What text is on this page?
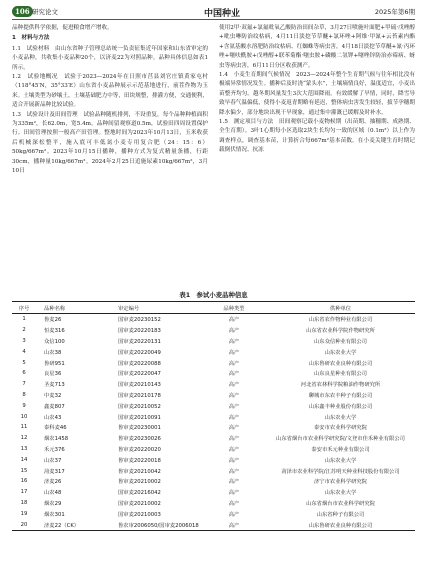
106 研究论文	中国种业	2025年第6期

品种提供科学依据，促进粮食增产增收。

1　材料与方法

1.1　试验材料　由山东省种子管理总站统一负责征集近年国家和山东省审定的小麦品种，共收集小麦品种20个，以济麦22为对照品种。品种具体信息如表1所示。

1.2　试验地概况　试验于2023—2024年在日照市莒县刘官庄镇黄家屯村（118°45′N，35°33′E）山东省小麦品种展示示范基地进行，前茬作物为玉米。土壤类型为砂壤土，土壤基础肥力中等，田块规整，排灌方便，交通便利，适合开展新品种比较试验。

1.3　试验设计及田间管理　试验品种随机排列，不设重复，每个品种种植面积为335m²，长62.0m，宽5.4m。品种间留观察道0.5m，试验田四周设置保护行。田间管理按照一般高产田管理。整地时间为2023年10月13日，玉米收获后机械深松整平，施入底可丰低氮小麦专用复合肥（24：15：6）50kg/667m²。2023年10月15日播种，播种方式为复式精量条播，行距30cm，播种量10kg/667m²。2024年2月25日追施尿素10kg/667m²，3月10日

使用2甲·双氟+氯氟吡氧乙酸防治田间杂草，3月27日喷施叶面肥+甲硫·戊唑醇+吡虫啉防治纹枯病，4月11日淡挖节草醚+氯环唑+阿维·甲氰+云苔素内酯+含氨基酸水溶肥防治纹枯病、红蜘蛛等病虫害，4月18日淡挖节草醚+氰·丙环唑+噻呋酰胺+戊唑醇+联苯菊酯·噻虫胺+磷酸二氢钾+噻唑锌防治赤霉病、蚜虫等病虫害，6月11日分区收获测产。

1.4　小麦生育期间气候情况　2023—2024年整个生育期气候与往年相比没有极端异常情况发生。播种后及时浇“蒙头水”，土壤墒情良好，温度适宜，小麦出苗整齐均匀。越冬期风量发生3次大范围降雨，有效缓解了旱情，同时，降雪导致早春气温偏低，使得小麦返青期略有延迟，整体病虫害发生较轻，拔节孕穗期降水偏少，部分地块出现干旱现象，通过集中灌溉已缓解及时补水。

1.5　测定项目与方法　田间观察记载小麦物候期（出苗期、抽穗期、成熟期、全生育期）。3叶1心期每小区选取2块生长均匀一致的区域（0.1m²）以上作为调查样点，调查基本苗，计算折合每667m²基本苗数。在小麦关键生育时期记载倒伏情况、抗冻

表1　参试小麦品种信息
序号	品种名称	审定编号	品种类型	供种单位
1	鲁麦26	国审麦20230152	高产	山东省农作物种业有限公司
2	恒麦316	国审麦20220183	高产	山东省农业科学院作物研究所
3	众信100	国审麦20220131	高产	山东众信种业有限公司
4	山农38	国审麦20220049	高产	山东农业大学
5	鲁研951	国审麦20220088	高产	山东鲁研农业良种有限公司
6	良星36	国审麦20220047	高产	山东良星种业有限公司
7	圣麦713	国审麦20210143	高产	河北省农林科学院粮油作物研究所
8	中麦32	国审麦20210178	高产	聊城市东农丰种子有限公司
9	鑫麦807	国审麦20210052	高产	山东鑫丰种业股份有限公司
10	山农43	国审麦20210091	高产	山东农业大学
11	泰科麦46	鲁审麦20230001	高产	泰安市农业科学研究院
12	烟农1458	鲁审麦20230026	高产	山东省烟台市农业科学研究院/文登市佳禾种业有限公司
13	禾元376	鲁审麦20220020	高产	泰安市禾元种业有限公司
14	山农37	鲁审麦20220018	高产	山东农业大学
15	菏麦317	鲁审麦20210042	高产	菏泽市农业科学院/江苏明天种业科技股份有限公司
16	济麦26	鲁审麦20210002	高产	济宁市农业科学研究院
17	山农48	国审麦20216042	高产	山东农业大学
18	烟农29	国审麦20210002	高产	山东省烟台市农业科学研究院
19	烟农301	国审麦20210003	高产	山东省种子有限公司
20	济麦22（CK）	鲁农审2006050/国审麦2006018	高产	山东鲁研农业良种有限公司
